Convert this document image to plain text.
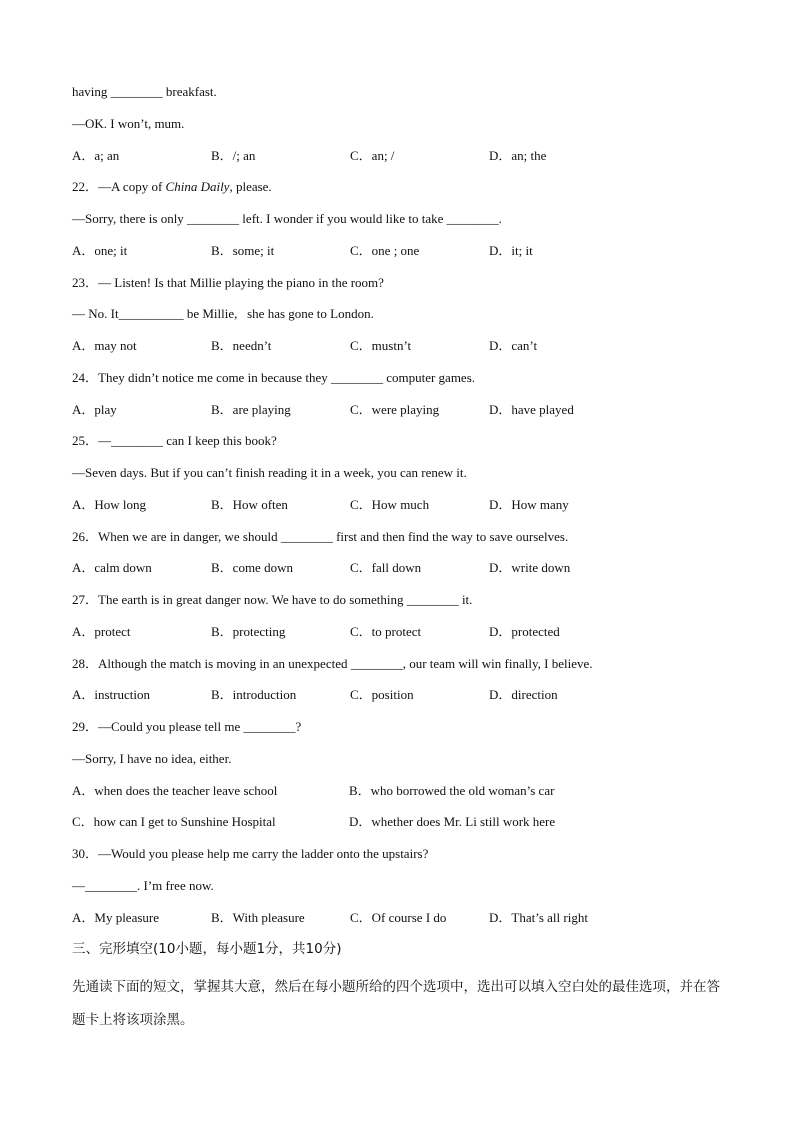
having ________ breakfast.
—OK. I won’t, mum.
A．a; an	B．/; an	C．an; /	D．an; the
22．—A copy of China Daily, please.
—Sorry, there is only ________ left. I wonder if you would like to take ________.
A．one; it	B．some; it	C．one ; one	D．it; it
23．— Listen! Is that Millie playing the piano in the room?
— No. It__________ be Millie,   she has gone to London.
A．may not	B．needn’t	C．mustn’t	D．can’t
24．They didn’t notice me come in because they ________ computer games.
A．play	B．are playing	C．were playing	D．have played
25．—________ can I keep this book?
—Seven days. But if you can’t finish reading it in a week, you can renew it.
A．How long	B．How often	C．How much	D．How many
26．When we are in danger, we should ________ first and then find the way to save ourselves.
A．calm down	B．come down	C．fall down	D．write down
27．The earth is in great danger now. We have to do something ________ it.
A．protect	B．protecting	C．to protect	D．protected
28．Although the match is moving in an unexpected ________, our team will win finally, I believe.
A．instruction	B．introduction	C．position	D．direction
29．—Could you please tell me ________?
—Sorry, I have no idea, either.
A．when does the teacher leave school	B．who borrowed the old woman’s car
C．how can I get to Sunshine Hospital	D．whether does Mr. Li still work here
30．—Would you please help me carry the ladder onto the upstairs?
—________. I’m free now.
A．My pleasure	B．With pleasure	C．Of course I do	D．That’s all right
三、完形填空(10小题，每小题1分，共10分)
先通读下面的短文，掌握其大意，然后在每小题所给的四个选项中，选出可以填入空白处的最佳选项，并在答题卡上将该项涂黑。
